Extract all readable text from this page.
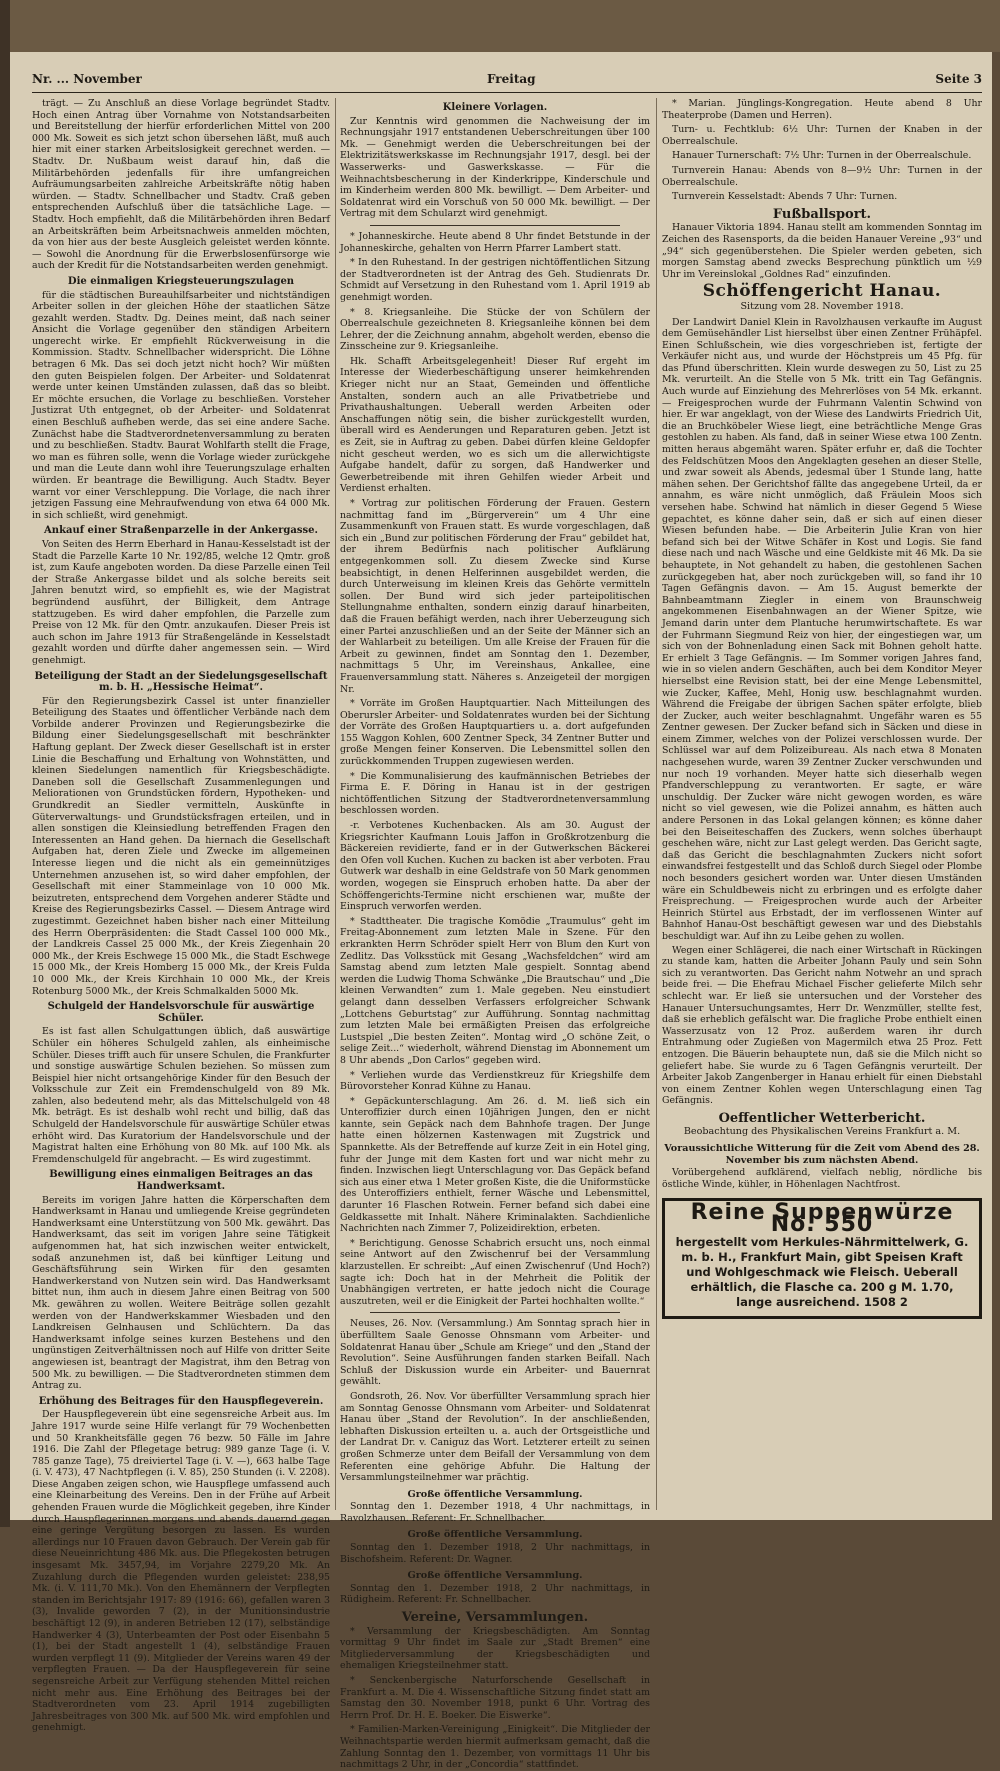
Nr. ... November	Freitag	Seite 3

trägt. — Zu Anschluß an diese Vorlage begründet Stadtv. Hoch einen Antrag über Vornahme von Notstandsarbeiten und Bereitstellung der hierfür erforderlichen Mittel von 200 000 Mk. Soweit es sich jetzt schon übersehen läßt, muß auch hier mit einer starken Arbeitslosigkeit gerechnet werden. — Stadtv. Dr. Nußbaum weist darauf hin, daß die Militärbehörden jedenfalls für ihre umfangreichen Aufräumungsarbeiten zahlreiche Arbeitskräfte nötig haben würden. — Stadtv. Schnellbacher und Stadtv. Craß geben entsprechenden Aufschluß über die tatsächliche Lage. — Stadtv. Hoch empfiehlt, daß die Militärbehörden ihren Bedarf an Arbeitskräften beim Arbeitsnachweis anmelden möchten, da von hier aus der beste Ausgleich geleistet werden könnte. — Sowohl die Anordnung für die Erwerbslosenfürsorge wie auch der Kredit für die Notstandsarbeiten werden genehmigt.

Die einmaligen Kriegsteuerungszulagen

für die städtischen Bureauhilfsarbeiter und nichtständigen Arbeiter sollen in der gleichen Höhe der staatlichen Sätze gezahlt werden. Stadtv. Dg. Deines meint, daß nach seiner Ansicht die Vorlage gegenüber den ständigen Arbeitern ungerecht wirke. Er empfiehlt Rückverweisung in die Kommission. Stadtv. Schnellbacher widerspricht. Die Löhne betragen 6 Mk. Das sei doch jetzt nicht hoch? Wir müßten den guten Beispielen folgen. Der Arbeiter- und Soldatenrat werde unter keinen Umständen zulassen, daß das so bleibt. Er möchte ersuchen, die Vorlage zu beschließen. Vorsteher Justizrat Uth entgegnet, ob der Arbeiter- und Soldatenrat einen Beschluß aufheben werde, das sei eine andere Sache. Zunächst habe die Stadtverordnetenversammlung zu beraten und zu beschließen. Stadtv. Baurat Wohlfarth stellt die Frage, wo man es führen solle, wenn die Vorlage wieder zurückgehe und man die Leute dann wohl ihre Teuerungszulage erhalten würden. Er beantrage die Bewilligung. Auch Stadtv. Beyer warnt vor einer Verschleppung. Die Vorlage, die nach ihrer jetzigen Fassung eine Mehraufwendung von etwa 64 000 Mk. in sich schließt, wird genehmigt.

Ankauf einer Straßenparzelle in der Ankergasse.

Von Seiten des Herrn Eberhard in Hanau-Kesselstadt ist der Stadt die Parzelle Karte 10 Nr. 192/85, welche 12 Qmtr. groß ist, zum Kaufe angeboten worden. Da diese Parzelle einen Teil der Straße Ankergasse bildet und als solche bereits seit Jahren benutzt wird, so empfiehlt es, wie der Magistrat begründend ausführt, der Billigkeit, dem Antrage stattzugeben. Es wird daher empfohlen, die Parzelle zum Preise von 12 Mk. für den Qmtr. anzukaufen. Dieser Preis ist auch schon im Jahre 1913 für Straßengelände in Kesselstadt gezahlt worden und dürfte daher angemessen sein. — Wird genehmigt.

Beteiligung der Stadt an der Siedelungsgesellschaft m. b. H. „Hessische Heimat“.

Für den Regierungsbezirk Cassel ist unter finanzieller Beteiligung des Staates und öffentlicher Verbände nach dem Vorbilde anderer Provinzen und Regierungsbezirke die Bildung einer Siedelungsgesellschaft mit beschränkter Haftung geplant. Der Zweck dieser Gesellschaft ist in erster Linie die Beschaffung und Erhaltung von Wohnstätten, und kleinen Siedelungen namentlich für Kriegsbeschädigte. Daneben soll die Gesellschaft Zusammenlegungen und Meliorationen von Grundstücken fördern, Hypotheken- und Grundkredit an Siedler vermitteln, Auskünfte in Güterverwaltungs- und Grundstücksfragen erteilen, und in allen sonstigen die Kleinsiedlung betreffenden Fragen den Interessenten an Hand gehen. Da hiernach die Gesellschaft Aufgaben hat, deren Ziele und Zwecke im allgemeinen Interesse liegen und die nicht als ein gemeinnütziges Unternehmen anzusehen ist, so wird daher empfohlen, der Gesellschaft mit einer Stammeinlage von 10 000 Mk. beizutreten, entsprechend dem Vorgehen anderer Städte und Kreise des Regierungsbezirks Cassel. — Diesem Antrage wird zugestimmt. Gezeichnet haben bisher nach einer Mitteilung des Herrn Oberpräsidenten: die Stadt Cassel 100 000 Mk., der Landkreis Cassel 25 000 Mk., der Kreis Ziegenhain 20 000 Mk., der Kreis Eschwege 15 000 Mk., die Stadt Eschwege 15 000 Mk., der Kreis Homberg 15 000 Mk., der Kreis Fulda 10 000 Mk., der Kreis Kirchhain 10 000 Mk., der Kreis Rotenburg 5000 Mk., der Kreis Schmalkalden 5000 Mk.

Schulgeld der Handelsvorschule für auswärtige Schüler.

Es ist fast allen Schulgattungen üblich, daß auswärtige Schüler ein höheres Schulgeld zahlen, als einheimische Schüler. Dieses trifft auch für unsere Schulen, die Frankfurter und sonstige auswärtige Schulen beziehen. So müssen zum Beispiel hier nicht ortsangehörige Kinder für den Besuch der Volksschule zur Zeit ein Fremdenschulgeld von 89 Mk. zahlen, also bedeutend mehr, als das Mittelschulgeld von 48 Mk. beträgt. Es ist deshalb wohl recht und billig, daß das Schulgeld der Handelsvorschule für auswärtige Schüler etwas erhöht wird. Das Kuratorium der Handelsvorschule und der Magistrat halten eine Erhöhung von 80 Mk. auf 100 Mk. als Fremdenschulgeld für angebracht. — Es wird zugestimmt.

Bewilligung eines einmaligen Beitrages an das Handwerksamt.

Bereits im vorigen Jahre hatten die Körperschaften dem Handwerksamt in Hanau und umliegende Kreise gegründeten Handwerksamt eine Unterstützung von 500 Mk. gewährt. Das Handwerksamt, das seit im vorigen Jahre seine Tätigkeit aufgenommen hat, hat sich inzwischen weiter entwickelt, sodaß anzunehmen ist, daß bei künftiger Leitung und Geschäftsführung sein Wirken für den gesamten Handwerkerstand von Nutzen sein wird. Das Handwerksamt bittet nun, ihm auch in diesem Jahre einen Beitrag von 500 Mk. gewähren zu wollen. Weitere Beiträge sollen gezahlt werden von der Handwerkskammer Wiesbaden und den Landkreisen Gelnhausen und Schlüchtern. Da das Handwerksamt infolge seines kurzen Bestehens und den ungünstigen Zeitverhältnissen noch auf Hilfe von dritter Seite angewiesen ist, beantragt der Magistrat, ihm den Betrag von 500 Mk. zu bewilligen. — Die Stadtverordneten stimmen dem Antrag zu.

Erhöhung des Beitrages für den Hauspflegeverein.

Der Hauspflegeverein übt eine segensreiche Arbeit aus. Im Jahre 1917 wurde seine Hilfe verlangt für 79 Wochenbetten und 50 Krankheitsfälle gegen 76 bezw. 50 Fälle im Jahre 1916. Die Zahl der Pflegetage betrug: 989 ganze Tage (i. V. 785 ganze Tage), 75 dreiviertel Tage (i. V. —), 663 halbe Tage (i. V. 473), 47 Nachtpflegen (i. V. 85), 250 Stunden (i. V. 2208). Diese Angaben zeigen schon, wie Hauspflege umfassend auch eine Kleinarbeitung des Vereins. Den in der Frühe auf Arbeit gehenden Frauen wurde die Möglichkeit gegeben, ihre Kinder durch Hauspflegerinnen morgens und abends dauernd gegen eine geringe Vergütung besorgen zu lassen. Es wurden allerdings nur 10 Frauen davon Gebrauch. Der Verein gab für diese Neueinrichtung 486 Mk. aus. Die Pflegekosten betrugen insgesamt Mk. 3457,94, im Vorjahre 2279,20 Mk. An Zuzahlung durch die Pflegenden wurden geleistet: 238,95 Mk. (i. V. 111,70 Mk.). Von den Ehemännern der Verpflegten standen im Berichtsjahr 1917: 89 (1916: 66), gefallen waren 3 (3), Invalide geworden 7 (2), in der Munitionsindustrie beschäftigt 12 (9), in anderen Betrieben 12 (17), selbständige Handwerker 4 (3), Unterbeamten der Post oder Eisenbahn 5 (1), bei der Stadt angestellt 1 (4), selbständige Frauen wurden verpflegt 11 (9). Mitglieder der Vereins waren 49 der verpflegten Frauen. — Da der Hauspflegeverein für seine segensreiche Arbeit zur Verfügung stehenden Mittel reichen nicht mehr aus. Eine Erhöhung des Beitrages bei der Stadtverordneten vom 23. April 1914 zugebilligten Jahresbeitrages von 300 Mk. auf 500 Mk. wird empfohlen und genehmigt.

Kleinere Vorlagen.

Zur Kenntnis wird genommen die Nachweisung der im Rechnungsjahr 1917 entstandenen Ueberschreitungen über 100 Mk. — Genehmigt werden die Ueberschreitungen bei der Elektrizitätswerkskasse im Rechnungsjahr 1917, desgl. bei der Wasserwerks- und Gaswerkskasse. — Für die Weihnachtsbescherung in der Kinderkrippe, Kinderschule und im Kinderheim werden 800 Mk. bewilligt. — Dem Arbeiter- und Soldatenrat wird ein Vorschuß von 50 000 Mk. bewilligt. — Der Vertrag mit dem Schularzt wird genehmigt.

* Johanneskirche. Heute abend 8 Uhr findet Betstunde in der Johanneskirche, gehalten von Herrn Pfarrer Lambert statt.

* In den Ruhestand. In der gestrigen nichtöffentlichen Sitzung der Stadtverordneten ist der Antrag des Geh. Studienrats Dr. Schmidt auf Versetzung in den Ruhestand vom 1. April 1919 ab genehmigt worden.

* 8. Kriegsanleihe. Die Stücke der von Schülern der Oberrealschule gezeichneten 8. Kriegsanleihe können bei dem Lehrer, der die Zeichnung annahm, abgeholt werden, ebenso die Zinsscheine zur 9. Kriegsanleihe.

Hk. Schafft Arbeitsgelegenheit! Dieser Ruf ergeht im Interesse der Wiederbeschäftigung unserer heimkehrenden Krieger nicht nur an Staat, Gemeinden und öffentliche Anstalten, sondern auch an alle Privatbetriebe und Privathaushaltungen. Ueberall werden Arbeiten oder Anschaffungen nötig sein, die bisher zurückgestellt wurden, überall wird es Aenderungen und Reparaturen geben. Jetzt ist es Zeit, sie in Auftrag zu geben. Dabei dürfen kleine Geldopfer nicht gescheut werden, wo es sich um die allerwichtigste Aufgabe handelt, dafür zu sorgen, daß Handwerker und Gewerbetreibende mit ihren Gehilfen wieder Arbeit und Verdienst erhalten.

* Vortrag zur politischen Förderung der Frauen. Gestern nachmittag fand im „Bürgerverein“ um 4 Uhr eine Zusammenkunft von Frauen statt. Es wurde vorgeschlagen, daß sich ein „Bund zur politischen Förderung der Frau“ gebildet hat, der ihrem Bedürfnis nach politischer Aufklärung entgegenkommen soll. Zu diesem Zwecke sind Kurse beabsichtigt, in denen Helferinnen ausgebildet werden, die durch Unterweisung im kleinen Kreis das Gehörte vermitteln sollen. Der Bund wird sich jeder parteipolitischen Stellungnahme enthalten, sondern einzig darauf hinarbeiten, daß die Frauen befähigt werden, nach ihrer Ueberzeugung sich einer Partei anzuschließen und an der Seite der Männer sich an der Wahlarbeit zu beteiligen. Um alle Kreise der Frauen für die Arbeit zu gewinnen, findet am Sonntag den 1. Dezember, nachmittags 5 Uhr, im Vereinshaus, Ankallee, eine Frauenversammlung statt. Näheres s. Anzeigeteil der morgigen Nr.

* Vorräte im Großen Hauptquartier. Nach Mitteilungen des Oberursler Arbeiter- und Soldatenrates wurden bei der Sichtung der Vorräte des Großen Hauptquartiers u. a. dort aufgefunden 155 Waggon Kohlen, 600 Zentner Speck, 34 Zentner Butter und große Mengen feiner Konserven. Die Lebensmittel sollen den zurückkommenden Truppen zugewiesen werden.

* Die Kommunalisierung des kaufmännischen Betriebes der Firma E. F. Döring in Hanau ist in der gestrigen nichtöffentlichen Sitzung der Stadtverordnetenversammlung beschlossen worden.

-r. Verbotenes Kuchenbacken. Als am 30. August der Kriegsrichter Kaufmann Louis Jaffon in Großkrotzenburg die Bäckereien revidierte, fand er in der Gutwerkschen Bäckerei den Ofen voll Kuchen. Kuchen zu backen ist aber verboten. Frau Gutwerk war deshalb in eine Geldstrafe von 50 Mark genommen worden, wogegen sie Einspruch erhoben hatte. Da aber der Schöffengerichts-Termine nicht erschienen war, mußte der Einspruch verworfen werden.

* Stadttheater. Die tragische Komödie „Traumulus“ geht im Freitag-Abonnement zum letzten Male in Szene. Für den erkrankten Herrn Schröder spielt Herr von Blum den Kurt von Zedlitz. Das Volksstück mit Gesang „Wachsfeldchen“ wird am Samstag abend zum letzten Male gespielt. Sonntag abend werden die Ludwig Thoma Schwänke „Die Brautschau“ und „Die kleinen Verwandten“ zum 1. Male gegeben. Neu einstudiert gelangt dann desselben Verfassers erfolgreicher Schwank „Lottchens Geburtstag“ zur Aufführung. Sonntag nachmittag zum letzten Male bei ermäßigten Preisen das erfolgreiche Lustspiel „Die besten Zeiten“. Montag wird „O schöne Zeit, o selige Zeit...“ wiederholt, während Dienstag im Abonnement um 8 Uhr abends „Don Carlos“ gegeben wird.

* Verliehen wurde das Verdienstkreuz für Kriegshilfe dem Bürovorsteher Konrad Kühne zu Hanau.

* Gepäckunterschlagung. Am 26. d. M. ließ sich ein Unteroffizier durch einen 10jährigen Jungen, den er nicht kannte, sein Gepäck nach dem Bahnhofe tragen. Der Junge hatte einen hölzernen Kastenwagen mit Zugstrick und Spannkette. Als der Betreffende auf kurze Zeit in ein Hotel ging, fuhr der Junge mit dem Kasten fort und war nicht mehr zu finden. Inzwischen liegt Unterschlagung vor. Das Gepäck befand sich aus einer etwa 1 Meter großen Kiste, die die Uniformstücke des Unteroffiziers enthielt, ferner Wäsche und Lebensmittel, darunter 16 Flaschen Rotwein. Ferner befand sich dabei eine Geldkassette mit Inhalt. Nähere Kriminalakten. Sachdienliche Nachrichten nach Zimmer 7, Polizeidirektion, erbeten.

* Berichtigung. Genosse Schabrich ersucht uns, noch einmal seine Antwort auf den Zwischenruf bei der Versammlung klarzustellen. Er schreibt: „Auf einen Zwischenruf (Und Hoch?) sagte ich: Doch hat in der Mehrheit die Politik der Unabhängigen vertreten, er hatte jedoch nicht die Courage auszutreten, weil er die Einigkeit der Partei hochhalten wollte.“

Neuses, 26. Nov. (Versammlung.) Am Sonntag sprach hier in überfülltem Saale Genosse Ohnsmann vom Arbeiter- und Soldatenrat Hanau über „Schule am Kriege“ und den „Stand der Revolution“. Seine Ausführungen fanden starken Beifall. Nach Schluß der Diskussion wurde ein Arbeiter- und Bauernrat gewählt.

Gondsroth, 26. Nov. Vor überfüllter Versammlung sprach hier am Sonntag Genosse Ohnsmann vom Arbeiter- und Soldatenrat Hanau über „Stand der Revolution“. In der anschließenden, lebhaften Diskussion erteilten u. a. auch der Ortsgeistliche und der Landrat Dr. v. Caniguz das Wort. Letzterer erteilt zu seinen großen Schmerze unter dem Beifall der Versammlung von dem Referenten eine gehörige Abfuhr. Die Haltung der Versammlungsteilnehmer war prächtig.

Große öffentliche Versammlung.

Sonntag den 1. Dezember 1918, 4 Uhr nachmittags, in Ravolzhausen. Referent: Fr. Schnellbacher.

Große öffentliche Versammlung.

Sonntag den 1. Dezember 1918, 2 Uhr nachmittags, in Bischofsheim. Referent: Dr. Wagner.

Große öffentliche Versammlung.

Sonntag den 1. Dezember 1918, 2 Uhr nachmittags, in Rüdigheim. Referent: Fr. Schnellbacher.

Vereine, Versammlungen.

* Versammlung der Kriegsbeschädigten. Am Sonntag vormittag 9 Uhr findet im Saale zur „Stadt Bremen“ eine Mitgliederversammlung der Kriegsbeschädigten und ehemaligen Kriegsteilnehmer statt.

* Senckenbergische Naturforschende Gesellschaft in Frankfurt a. M. Die 4. Wissenschaftliche Sitzung findet statt am Samstag den 30. November 1918, punkt 6 Uhr. Vortrag des Herrn Prof. Dr. H. E. Boeker. Die Eiswerke“.

* Familien-Marken-Vereinigung „Einigkeit“. Die Mitglieder der Weihnachtspartie werden hiermit aufmerksam gemacht, daß die Zahlung Sonntag den 1. Dezember, von vormittags 11 Uhr bis nachmittags 2 Uhr, in der „Concordia“ stattfindet.

* Marian. Jünglings-Kongregation. Heute abend 8 Uhr Theaterprobe (Damen und Herren).

Turn- u. Fechtklub: 6½ Uhr: Turnen der Knaben in der Oberrealschule.

Hanauer Turnerschaft: 7½ Uhr: Turnen in der Oberrealschule.

Turnverein Hanau: Abends von 8—9½ Uhr: Turnen in der Oberrealschule.

Turnverein Kesselstadt: Abends 7 Uhr: Turnen.

Fußballsport.

Hanauer Viktoria 1894. Hanau stellt am kommenden Sonntag im Zeichen des Rasensports, da die beiden Hanauer Vereine „93“ und „94“ sich gegenüberstehen. Die Spieler werden gebeten, sich morgen Samstag abend zwecks Besprechung pünktlich um ½9 Uhr im Vereinslokal „Goldnes Rad“ einzufinden.

Schöffengericht Hanau.
Sitzung vom 28. November 1918.

Der Landwirt Daniel Klein in Ravolzhausen verkaufte im August dem Gemüsehändler List hierselbst über einen Zentner Frühäpfel. Einen Schlußschein, wie dies vorgeschrieben ist, fertigte der Verkäufer nicht aus, und wurde der Höchstpreis um 45 Pfg. für das Pfund überschritten. Klein wurde deswegen zu 50, List zu 25 Mk. verurteilt. An die Stelle von 5 Mk. tritt ein Tag Gefängnis. Auch wurde auf Einziehung des Mehrerlöses von 54 Mk. erkannt. — Freigesprochen wurde der Fuhrmann Valentin Schwind von hier. Er war angeklagt, von der Wiese des Landwirts Friedrich Uit, die an Bruchköbeler Wiese liegt, eine beträchtliche Menge Gras gestohlen zu haben. Als fand, daß in seiner Wiese etwa 100 Zentn. mitten heraus abgemäht waren. Später erfuhr er, daß die Tochter des Feldschützen Moos den Angeklagten gesehen an dieser Stelle, und zwar soweit als Abends, jedesmal über 1 Stunde lang, hatte mähen sehen. Der Gerichtshof fällte das angegebene Urteil, da er annahm, es wäre nicht unmöglich, daß Fräulein Moos sich versehen habe. Schwind hat nämlich in dieser Gegend 5 Wiese gepachtet, es könne daher sein, daß er sich auf einen dieser Wiesen befunden habe. — Die Arbeiterin Julie Kran von hier befand sich bei der Witwe Schäfer in Kost und Logis. Sie fand diese nach und nach Wäsche und eine Geldkiste mit 46 Mk. Da sie behauptete, in Not gehandelt zu haben, die gestohlenen Sachen zurückgegeben hat, aber noch zurückgeben will, so fand ihr 10 Tagen Gefängnis davon. — Am 15. August bemerkte der Bahnbeamtmann Ziegler in einem von Braunschweig angekommenen Eisenbahnwagen an der Wiener Spitze, wie Jemand darin unter dem Plantuche herumwirtschaftete. Es war der Fuhrmann Siegmund Reiz von hier, der eingestiegen war, um sich von der Bohnenladung einen Sack mit Bohnen geholt hatte. Er erhielt 3 Tage Gefängnis. — Im Sommer vorigen Jahres fand, wie in so vielen andern Geschäften, auch bei dem Konditor Meyer hierselbst eine Revision statt, bei der eine Menge Lebensmittel, wie Zucker, Kaffee, Mehl, Honig usw. beschlagnahmt wurden. Während die Freigabe der übrigen Sachen später erfolgte, blieb der Zucker, auch weiter beschlagnahmt. Ungefähr waren es 55 Zentner gewesen. Der Zucker befand sich in Säcken und diese in einem Zimmer, welches von der Polizei verschlossen wurde. Der Schlüssel war auf dem Polizeibureau. Als nach etwa 8 Monaten nachgesehen wurde, waren 39 Zentner Zucker verschwunden und nur noch 19 vorhanden. Meyer hatte sich dieserhalb wegen Pfandverschleppung zu verantworten. Er sagte, er wäre unschuldig. Der Zucker wäre nicht gewogen worden, es wäre nicht so viel gewesen, wie die Polizei annahm, es hätten auch andere Personen in das Lokal gelangen können; es könne daher bei den Beiseiteschaffen des Zuckers, wenn solches überhaupt geschehen wäre, nicht zur Last gelegt werden. Das Gericht sagte, daß das Gericht die beschlagnahmten Zuckers nicht sofort einwandsfrei festgestellt und das Schloß durch Siegel oder Plombe noch besonders gesichert worden war. Unter diesen Umständen wäre ein Schuldbeweis nicht zu erbringen und es erfolgte daher Freisprechung. — Freigesprochen wurde auch der Arbeiter Heinrich Stürtel aus Erbstadt, der im verflossenen Winter auf Bahnhof Hanau-Ost beschäftigt gewesen war und des Diebstahls beschuldigt war. Auf ihn zu Leibe gehen zu wollen.

Wegen einer Schlägerei, die nach einer Wirtschaft in Rückingen zu stande kam, hatten die Arbeiter Johann Pauly und sein Sohn sich zu verantworten. Das Gericht nahm Notwehr an und sprach beide frei. — Die Ehefrau Michael Fischer gelieferte Milch sehr schlecht war. Er ließ sie untersuchen und der Vorsteher des Hanauer Untersuchungsamtes, Herr Dr. Wenzmüller, stellte fest, daß sie erheblich gefälscht war. Die fragliche Probe enthielt einen Wasserzusatz von 12 Proz. außerdem waren ihr durch Entrahmung oder Zugießen von Magermilch etwa 25 Proz. Fett entzogen. Die Bäuerin behauptete nun, daß sie die Milch nicht so geliefert habe. Sie wurde zu 6 Tagen Gefängnis verurteilt. Der Arbeiter Jakob Zangenberger in Hanau erhielt für einen Diebstahl von einem Zentner Kohlen wegen Unterschlagung einen Tag Gefängnis.

Oeffentlicher Wetterbericht.
Beobachtung des Physikalischen Vereins Frankfurt a. M.
Voraussichtliche Witterung für die Zeit vom Abend des 28. November bis zum nächsten Abend.

Vorübergehend aufklärend, vielfach neblig, nördliche bis östliche Winde, kühler, in Höhenlagen Nachtfrost.

Reine Suppenwürze No. 550
hergestellt vom Herkules-Nährmittelwerk, G. m. b. H., Frankfurt Main, gibt Speisen Kraft und Wohlgeschmack wie Fleisch. Ueberall erhältlich, die Flasche ca. 200 g M. 1.70, lange ausreichend. 1508 2
